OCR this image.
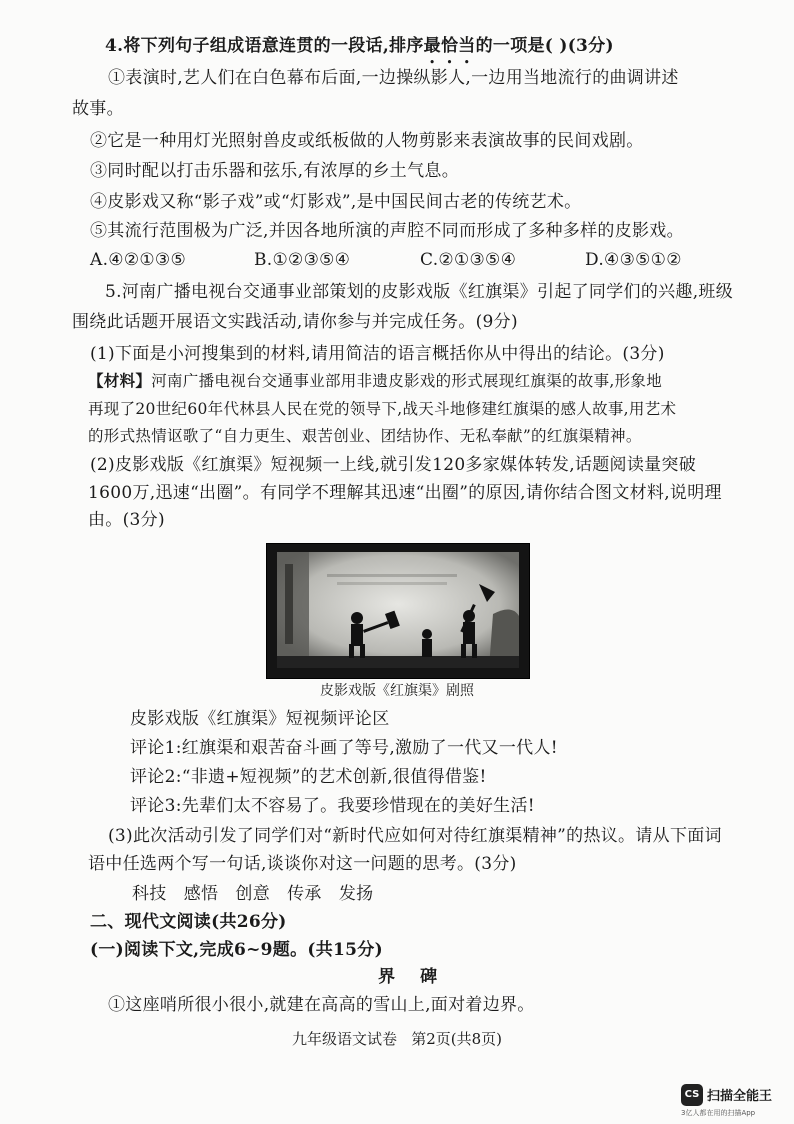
4.将下列句子组成语意连贯的一段话,排序最恰当的一项是( )(3分)
①表演时,艺人们在白色幕布后面,一边操纵影人,一边用当地流行的曲调讲述
故事。
②它是一种用灯光照射兽皮或纸板做的人物剪影来表演故事的民间戏剧。
③同时配以打击乐器和弦乐,有浓厚的乡土气息。
④皮影戏又称“影子戏”或“灯影戏”,是中国民间古老的传统艺术。
⑤其流行范围极为广泛,并因各地所演的声腔不同而形成了多种多样的皮影戏。
A.④②①③⑤	B.①②③⑤④	C.②①③⑤④	D.④③⑤①②
5.河南广播电视台交通事业部策划的皮影戏版《红旗渠》引起了同学们的兴趣,班级
围绕此话题开展语文实践活动,请你参与并完成任务。(9分)
(1)下面是小河搜集到的材料,请用简洁的语言概括你从中得出的结论。(3分)
【材料】河南广播电视台交通事业部用非遗皮影戏的形式展现红旗渠的故事,形象地
再现了20世纪60年代林县人民在党的领导下,战天斗地修建红旗渠的感人故事,用艺术
的形式热情讴歌了“自力更生、艰苦创业、团结协作、无私奉献”的红旗渠精神。
(2)皮影戏版《红旗渠》短视频一上线,就引发120多家媒体转发,话题阅读量突破
1600万,迅速“出圈”。有同学不理解其迅速“出圈”的原因,请你结合图文材料,说明理
由。(3分)
皮影戏版《红旗渠》剧照
皮影戏版《红旗渠》短视频评论区
评论1:红旗渠和艰苦奋斗画了等号,激励了一代又一代人!
评论2:“非遗+短视频”的艺术创新,很值得借鉴!
评论3:先辈们太不容易了。我要珍惜现在的美好生活!
(3)此次活动引发了同学们对“新时代应如何对待红旗渠精神”的热议。请从下面词
语中任选两个写一句话,谈谈你对这一问题的思考。(3分)
科技   感悟   创意   传承   发扬
二、现代文阅读(共26分)
(一)阅读下文,完成6~9题。(共15分)
界    碑
①这座哨所很小很小,就建在高高的雪山上,面对着边界。
九年级语文试卷   第2页(共8页)
CS 扫描全能王
3亿人都在用的扫描App
